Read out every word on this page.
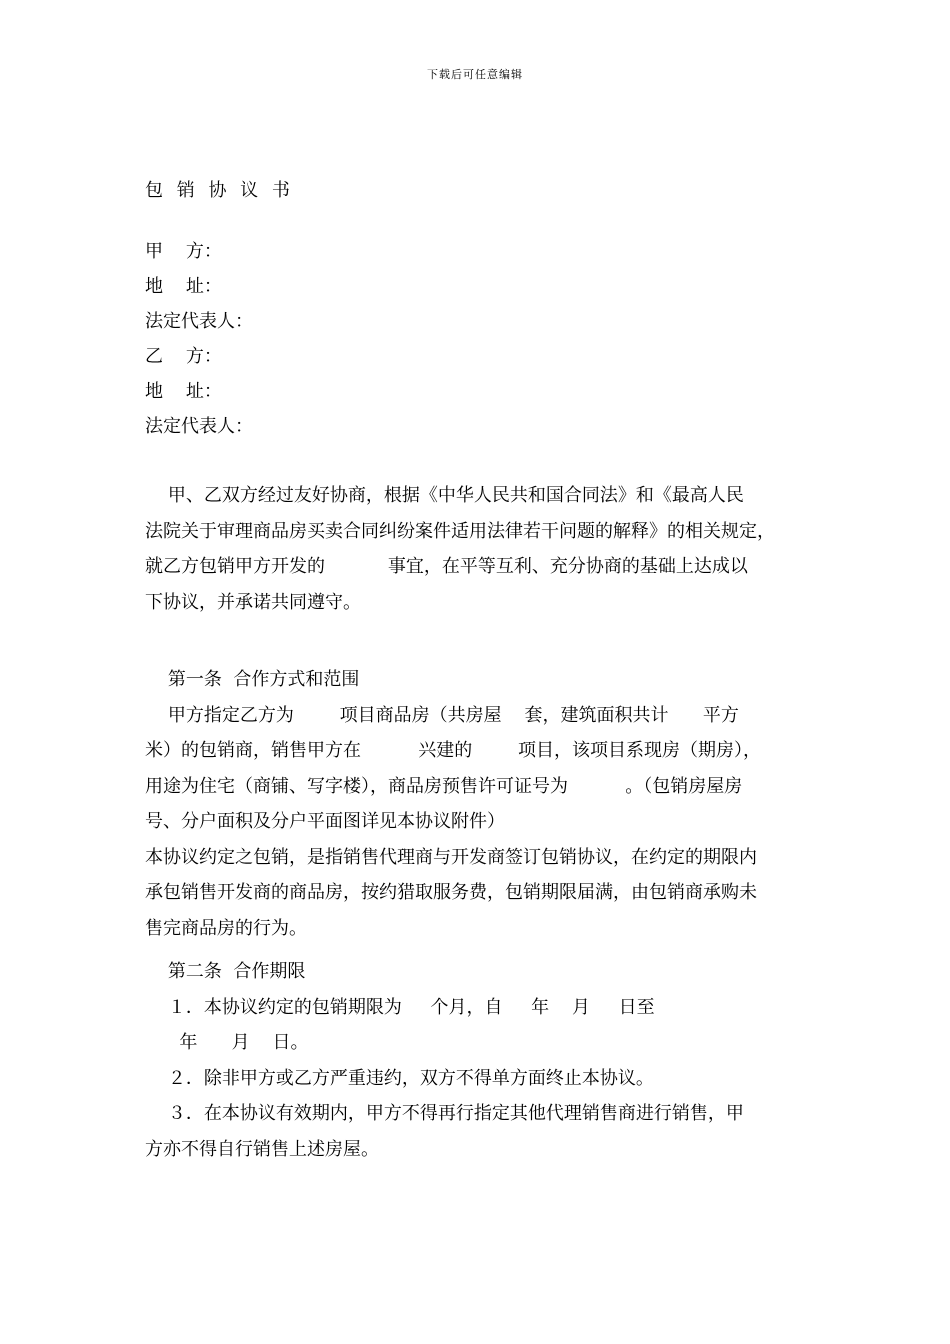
下载后可任意编辑
包 销 协 议 书
甲    方：
地    址：
法定代表人：
乙    方：
地    址：
法定代表人：
甲、乙双方经过友好协商，根据《中华人民共和国合同法》和《最高人民
法院关于审理商品房买卖合同纠纷案件适用法律若干问题的解释》的相关规定，
就乙方包销甲方开发的           事宜，在平等互利、充分协商的基础上达成以
下协议，并承诺共同遵守。
第一条  合作方式和范围
甲方指定乙方为        项目商品房（共房屋    套，建筑面积共计      平方
米）的包销商，销售甲方在          兴建的        项目，该项目系现房（期房），
用途为住宅（商铺、写字楼），商品房预售许可证号为          。（包销房屋房
号、分户面积及分户平面图详见本协议附件）
本协议约定之包销，是指销售代理商与开发商签订包销协议，在约定的期限内
承包销售开发商的商品房，按约猎取服务费，包销期限届满，由包销商承购未
售完商品房的行为。
第二条  合作期限
１．本协议约定的包销期限为     个月，自     年    月     日至
年      月    日。
２．除非甲方或乙方严重违约，双方不得单方面终止本协议。
３．在本协议有效期内，甲方不得再行指定其他代理销售商进行销售，甲
方亦不得自行销售上述房屋。
